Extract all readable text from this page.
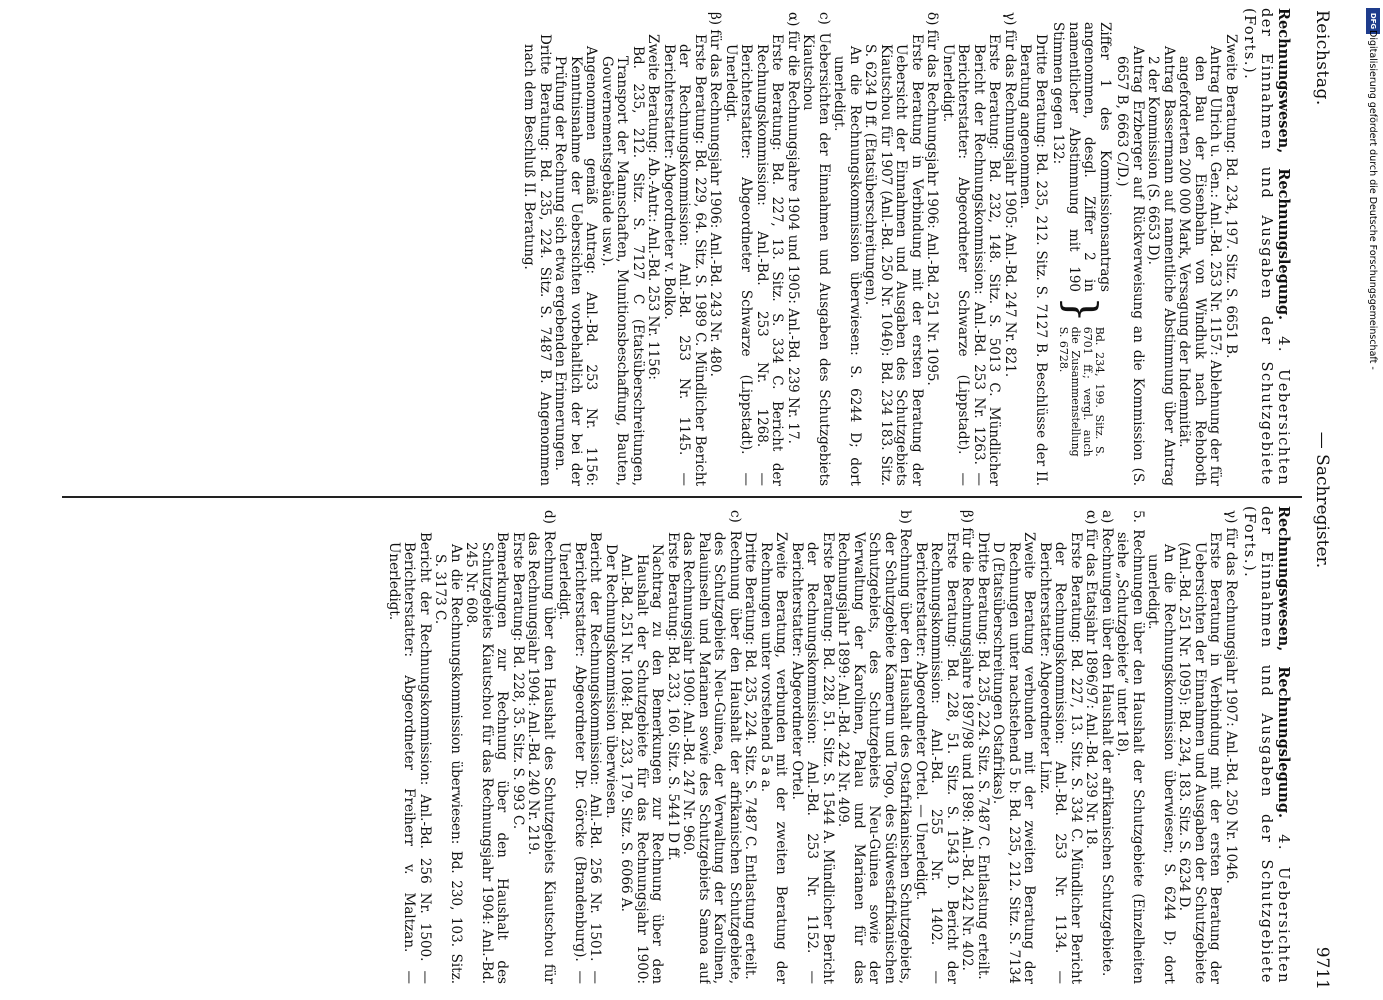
Reichstag.
— Sachregister.
9711
Rechnungswesen, Rechnungslegung. 4. Uebersichten der Einnahmen und Ausgaben der Schutzgebiete (Forts.).

Zweite Beratung: Bd. 234, 197. Sitz. S. 6651 B.

Antrag Ulrich u. Gen.: Anl.-Bd. 253 Nr. 1157: Ablehnung der für den Bau der Eisenbahn von Windhuk nach Rehoboth angeforderten 200 000 Mark, Versagung der Indemnität.

Antrag Bassermann auf namentliche Abstimmung über Antrag 2 der Kommission (S. 6653 D).

Antrag Erzberger auf Rückverweisung an die Kommission (S. 6657 B, 6663 C/D.)

Ziffer 1 des Kommissionsantrags angenommen, desgl. Ziffer 2 in namentlicher Abstimmung mit 190 Stimmen gegen 132:
}
Bd. 234, 199. Sitz. S. 6701 ff.; vergl. auch die Zusammenstellung S. 6728.

Dritte Beratung: Bd. 235, 212. Sitz. S. 7127 B. Beschlüsse der II. Beratung angenommen.

γ) für das Rechnungsjahr 1905: Anl.-Bd. 247 Nr. 821.

Erste Beratung: Bd. 232, 148. Sitz. S. 5013 C. Mündlicher Bericht der Rechnungskommission: Anl.-Bd. 253 Nr. 1263. — Berichterstatter: Abgeordneter Schwarze (Lippstadt). — Unerledigt.

δ) für das Rechnungsjahr 1906: Anl.-Bd. 251 Nr. 1095.

Erste Beratung in Verbindung mit der ersten Beratung der Uebersicht der Einnahmen und Ausgaben des Schutzgebiets Kiautschou für 1907 (Anl.-Bd. 250 Nr. 1046): Bd. 234 183. Sitz. S. 6234 D ff. (Etatsüberschreitungen).

An die Rechnungskommission überwiesen: S. 6244 D; dort unerledigt.

c) Uebersichten der Einnahmen und Ausgaben des Schutzgebiets Kiautschou

α) für die Rechnungsjahre 1904 und 1905: Anl.-Bd. 239 Nr. 17.

Erste Beratung: Bd. 227, 13. Sitz. S. 334 C. Bericht der Rechnungskommission: Anl.-Bd. 253 Nr. 1268. — Berichterstatter: Abgeordneter Schwarze (Lippstadt). — Unerledigt.

β) für das Rechnungsjahr 1906: Anl.-Bd. 243 Nr. 480.

Erste Beratung: Bd. 229, 64. Sitz. S. 1989 C. Mündlicher Bericht der Rechnungskommission: Anl.-Bd. 253 Nr. 1145. — Berichterstatter: Abgeordneter v. Bolko.

Zweite Beratung: Ab.-Antr.: Anl.-Bd. 253 Nr. 1156:

Bd. 235, 212. Sitz. S. 7127 C (Etatsüberschreitungen, Transport der Mannschaften, Munitionsbeschaffung, Bauten, Gouvernementsgebäude usw.).

Angenommen gemäß Antrag: Anl.-Bd. 253 Nr. 1156: Kenntnisnahme der Uebersichten vorbehaltlich der bei der Prüfung der Rechnung sich etwa ergebenden Erinnerungen.

Dritte Beratung: Bd. 235, 224. Sitz. S. 7487 B. Angenommen nach dem Beschluß II. Beratung.

Rechnungswesen, Rechnungslegung. 4. Uebersichten der Einnahmen und Ausgaben der Schutzgebiete (Forts.).

γ) für das Rechnungsjahr 1907: Anl.-Bd. 250 Nr. 1046.

Erste Beratung in Verbindung mit der ersten Beratung der Uebersichten der Einnahmen und Ausgaben der Schutzgebiete (Anl.-Bd. 251 Nr. 1095): Bd. 234, 183. Sitz. S. 6234 D.

An die Rechnungskommission überwiesen; S. 6244 D; dort unerledigt.

5. Rechnungen über den Haushalt der Schutzgebiete (Einzelheiten siehe „Schutzgebiete“ unter 18).

a) Rechnungen über den Haushalt der afrikanischen Schutzgebiete.

α) für das Etatsjahr 1896/97: Anl.-Bd. 239 Nr. 18.

Erste Beratung: Bd. 227, 13. Sitz. S. 334 C. Mündlicher Bericht der Rechnungskommission: Anl.-Bd. 253 Nr. 1134. — Berichterstatter: Abgeordneter Linz.

Zweite Beratung verbunden mit der zweiten Beratung der Rechnungen unter nachstehend 5 b: Bd. 235, 212. Sitz. S. 7134 D (Etatsüberschreitungen Ostafrikas).

Dritte Beratung: Bd. 235, 224. Sitz. S. 7487 C. Entlastung erteilt.

β) für die Rechnungsjahre 1897/98 und 1898: Anl.-Bd. 242 Nr. 402.

Erste Beratung: Bd. 228, 51. Sitz. S. 1543 D. Bericht der Rechnungskommission: Anl.-Bd. 255 Nr. 1402. — Berichterstatter: Abgeordneter Ortel. — Unerledigt.

b) Rechnung über den Haushalt des Ostafrikanischen Schutzgebiets, der Schutzgebiete Kamerun und Togo, des Südwestafrikanischen Schutzgebiets, des Schutzgebiets Neu-Guinea sowie der Verwaltung der Karolinen, Palau und Marianen für das Rechnungsjahr 1899: Anl.-Bd. 242 Nr. 409.

Erste Beratung: Bd. 228, 51. Sitz. S. 1544 A. Mündlicher Bericht der Rechnungskommission: Anl.-Bd. 253 Nr. 1152. — Berichterstatter: Abgeordneter Ortel.

Zweite Beratung, verbunden mit der zweiten Beratung der Rechnungen unter vorstehend 5 a a.

Dritte Beratung: Bd. 235, 224. Sitz. S. 7487 C. Entlastung erteilt.

c) Rechnung über den Haushalt der afrikanischen Schutzgebiete, des Schutzgebiets Neu-Guinea, der Verwaltung der Karolinen, Palauinseln und Marianen sowie des Schutzgebiets Samoa auf das Rechnungsjahr 1900: Anl.-Bd. 247 Nr. 960.

Erste Beratung: Bd. 233, 160. Sitz. S. 5441 D ff.

Nachtrag zu den Bemerkungen zur Rechnung über den Haushalt der Schutzgebiete für das Rechnungsjahr 1900: Anl.-Bd. 251 Nr. 1084: Bd. 233, 179. Sitz. S. 6066 A.

Der Rechnungskommission überwiesen.

Bericht der Rechnungskommission: Anl.-Bd. 256 Nr. 1501. — Berichterstatter: Abgeordneter Dr. Görcke (Brandenburg). — Unerledigt.

d) Rechnung über den Haushalt des Schutzgebiets Kiautschou für das Rechnungsjahr 1904: Anl.-Bd. 240 Nr. 219.

Erste Beratung: Bd. 228, 35. Sitz. S. 993 C.

Bemerkungen zur Rechnung über den Haushalt des Schutzgebiets Kiautschou für das Rechnungsjahr 1904: Anl.-Bd. 245 Nr. 608.

An die Rechnungskommission überwiesen: Bd. 230, 103. Sitz. S. 3173 C.

Bericht der Rechnungskommission: Anl.-Bd. 256 Nr. 1500. — Berichterstatter: Abgeordneter Freiherr v. Maltzan. — Unerledigt.

DFG
Digitalisierung gefördert durch die Deutsche Forschungsgemeinschaft -
